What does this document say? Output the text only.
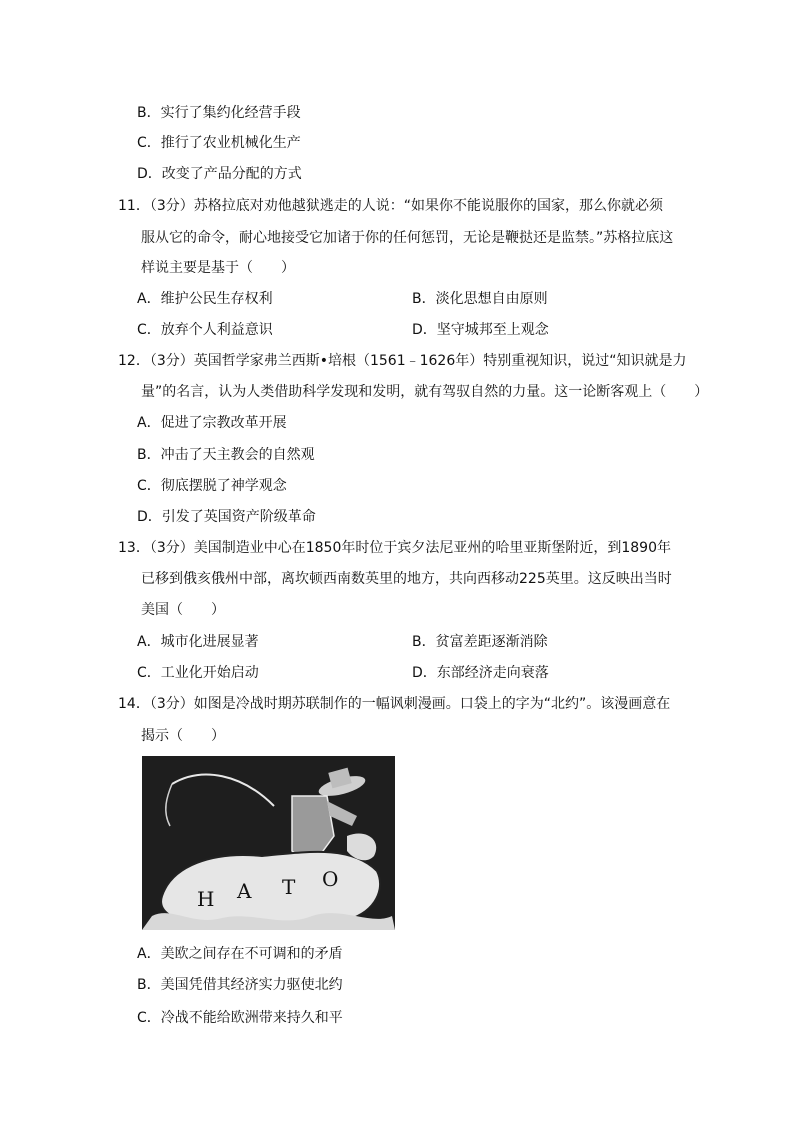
B．实行了集约化经营手段
C．推行了农业机械化生产
D．改变了产品分配的方式
11．（3分）苏格拉底对劝他越狱逃走的人说：“如果你不能说服你的国家，那么你就必须
服从它的命令，耐心地接受它加诸于你的任何惩罚，无论是鞭挞还是监禁。”苏格拉底这
样说主要是基于（　　）
A．维护公民生存权利	B．淡化思想自由原则
C．放弃个人利益意识	D．坚守城邦至上观念
12．（3分）英国哲学家弗兰西斯•培根（1561﹣1626年）特别重视知识，说过“知识就是力
量”的名言，认为人类借助科学发现和发明，就有驾驭自然的力量。这一论断客观上（　　）
A．促进了宗教改革开展
B．冲击了天主教会的自然观
C．彻底摆脱了神学观念
D．引发了英国资产阶级革命
13．（3分）美国制造业中心在1850年时位于宾夕法尼亚州的哈里亚斯堡附近，到1890年
已移到俄亥俄州中部，离坎顿西南数英里的地方，共向西移动225英里。这反映出当时
美国（　　）
A．城市化进展显著	B．贫富差距逐渐消除
C．工业化开始启动	D．东部经济走向衰落
14．（3分）如图是冷战时期苏联制作的一幅讽刺漫画。口袋上的字为“北约”。该漫画意在
揭示（　　）
H A T O
A．美欧之间存在不可调和的矛盾
B．美国凭借其经济实力驱使北约
C．冷战不能给欧洲带来持久和平
